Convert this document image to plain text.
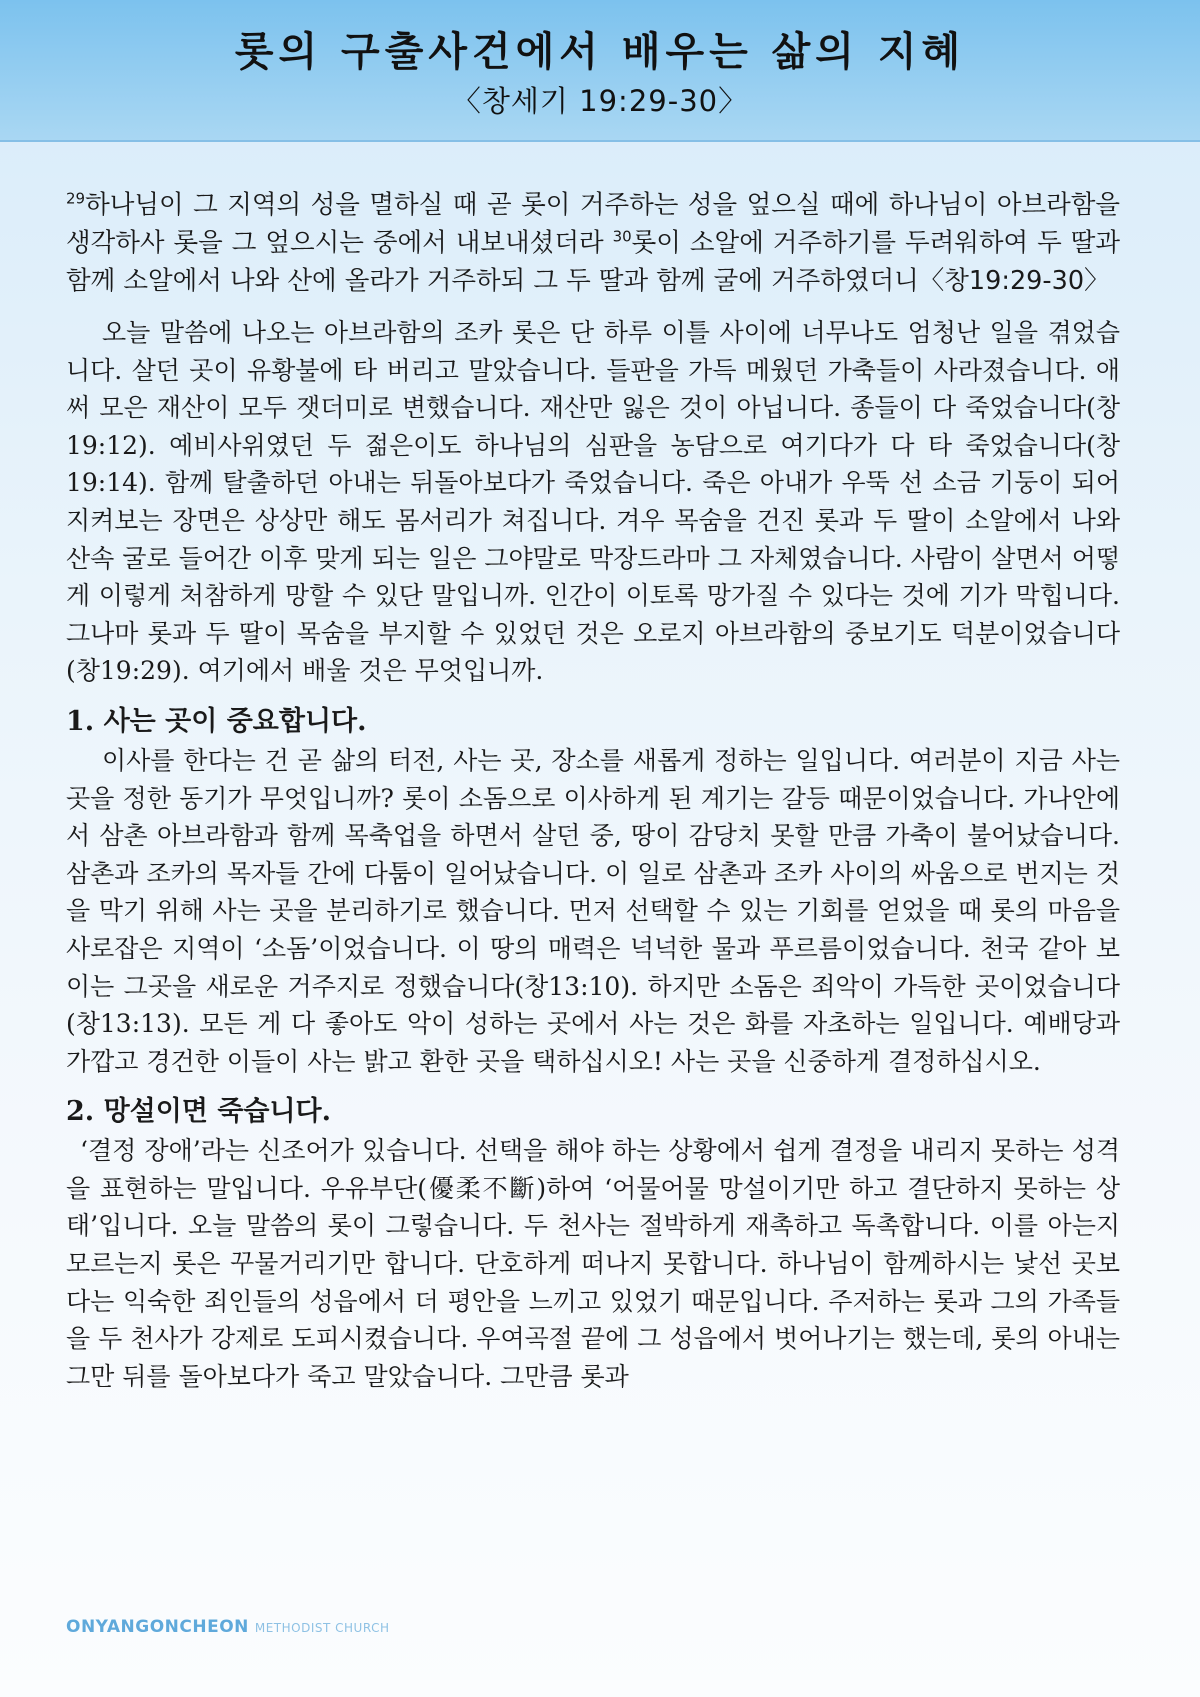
롯의 구출사건에서 배우는 삶의 지혜
〈창세기 19:29-30〉

$^{29}$하나님이 그 지역의 성을 멸하실 때 곧 롯이 거주하는 성을 엎으실 때에 하나님이 아브라함을 생각하사 롯을 그 엎으시는 중에서 내보내셨더라 $^{30}$롯이 소알에 거주하기를 두려워하여 두 딸과 함께 소알에서 나와 산에 올라가 거주하되 그 두 딸과 함께 굴에 거주하였더니〈창19:29-30〉

오늘 말씀에 나오는 아브라함의 조카 롯은 단 하루 이틀 사이에 너무나도 엄청난 일을 겪었습니다. 살던 곳이 유황불에 타 버리고 말았습니다. 들판을 가득 메웠던 가축들이 사라졌습니다. 애써 모은 재산이 모두 잿더미로 변했습니다. 재산만 잃은 것이 아닙니다. 종들이 다 죽었습니다(창19:12). 예비사위였던 두 젊은이도 하나님의 심판을 농담으로 여기다가 다 타 죽었습니다(창19:14). 함께 탈출하던 아내는 뒤돌아보다가 죽었습니다. 죽은 아내가 우뚝 선 소금 기둥이 되어 지켜보는 장면은 상상만 해도 몸서리가 쳐집니다. 겨우 목숨을 건진 롯과 두 딸이 소알에서 나와 산속 굴로 들어간 이후 맞게 되는 일은 그야말로 막장드라마 그 자체였습니다. 사람이 살면서 어떻게 이렇게 처참하게 망할 수 있단 말입니까. 인간이 이토록 망가질 수 있다는 것에 기가 막힙니다. 그나마 롯과 두 딸이 목숨을 부지할 수 있었던 것은 오로지 아브라함의 중보기도 덕분이었습니다(창19:29). 여기에서 배울 것은 무엇입니까.

1. 사는 곳이 중요합니다.

이사를 한다는 건 곧 삶의 터전, 사는 곳, 장소를 새롭게 정하는 일입니다. 여러분이 지금 사는 곳을 정한 동기가 무엇입니까? 롯이 소돔으로 이사하게 된 계기는 갈등 때문이었습니다. 가나안에서 삼촌 아브라함과 함께 목축업을 하면서 살던 중, 땅이 감당치 못할 만큼 가축이 불어났습니다. 삼촌과 조카의 목자들 간에 다툼이 일어났습니다. 이 일로 삼촌과 조카 사이의 싸움으로 번지는 것을 막기 위해 사는 곳을 분리하기로 했습니다. 먼저 선택할 수 있는 기회를 얻었을 때 롯의 마음을 사로잡은 지역이 ‘소돔’이었습니다. 이 땅의 매력은 넉넉한 물과 푸르름이었습니다. 천국 같아 보이는 그곳을 새로운 거주지로 정했습니다(창13:10). 하지만 소돔은 죄악이 가득한 곳이었습니다(창13:13). 모든 게 다 좋아도 악이 성하는 곳에서 사는 것은 화를 자초하는 일입니다. 예배당과 가깝고 경건한 이들이 사는 밝고 환한 곳을 택하십시오! 사는 곳을 신중하게 결정하십시오.

2. 망설이면 죽습니다.

‘결정 장애’라는 신조어가 있습니다. 선택을 해야 하는 상황에서 쉽게 결정을 내리지 못하는 성격을 표현하는 말입니다. 우유부단(優柔不斷)하여 ‘어물어물 망설이기만 하고 결단하지 못하는 상태’입니다. 오늘 말씀의 롯이 그렇습니다. 두 천사는 절박하게 재촉하고 독촉합니다. 이를 아는지 모르는지 롯은 꾸물거리기만 합니다. 단호하게 떠나지 못합니다. 하나님이 함께하시는 낯선 곳보다는 익숙한 죄인들의 성읍에서 더 평안을 느끼고 있었기 때문입니다. 주저하는 롯과 그의 가족들을 두 천사가 강제로 도피시켰습니다. 우여곡절 끝에 그 성읍에서 벗어나기는 했는데, 롯의 아내는 그만 뒤를 돌아보다가 죽고 말았습니다. 그만큼 롯과

ONYANGONCHEON METHODIST CHURCH
